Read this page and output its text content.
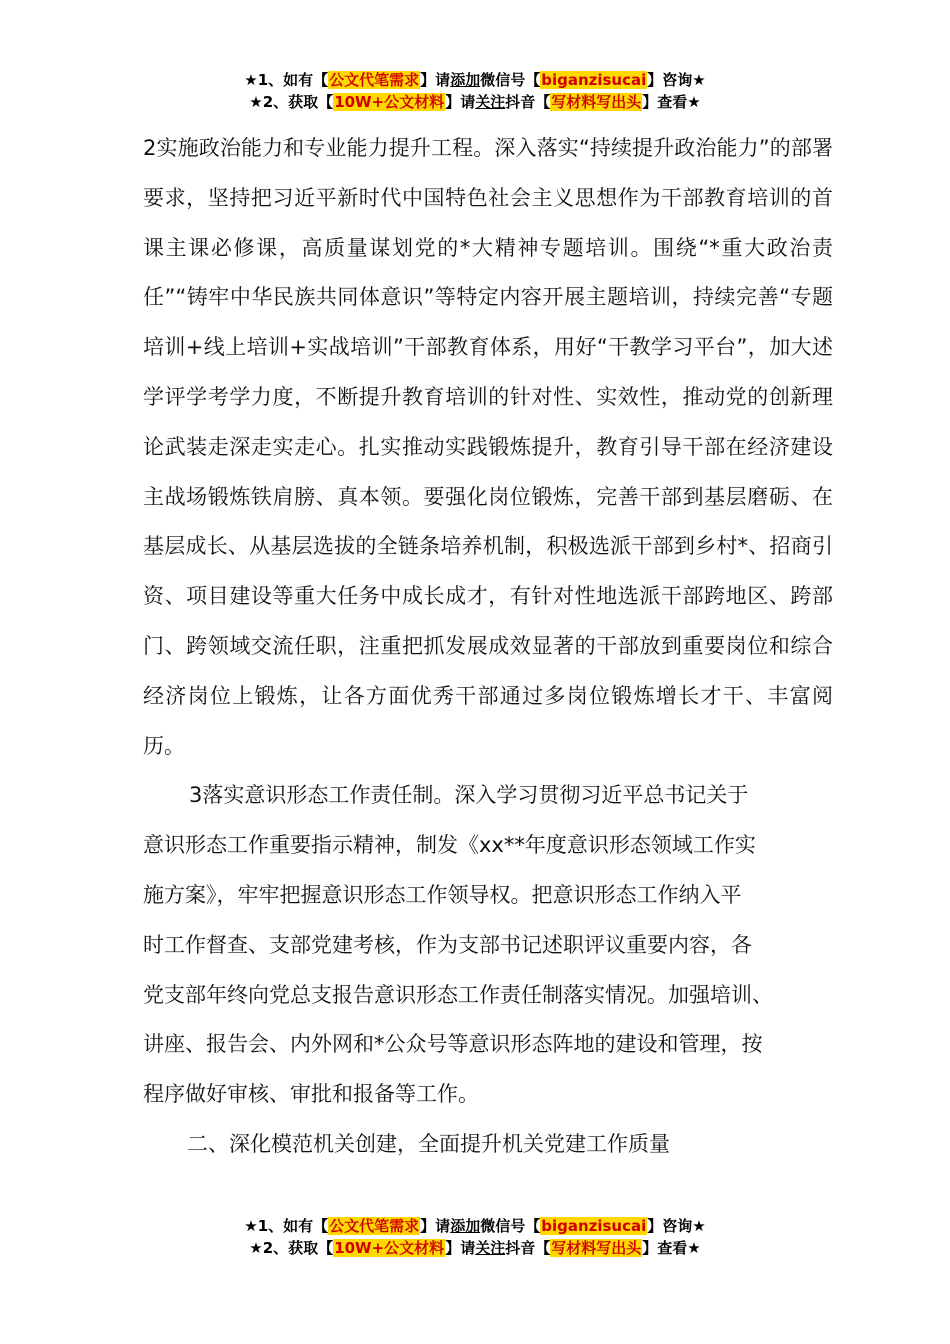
★1、如有【公文代笔需求】请添加微信号【biganzisucai】咨询★
★2、获取【10W+公文材料】请关注抖音【写材料写出头】查看★

2实施政治能力和专业能力提升工程。深入落实“持续提升政治能力”的部署要求，坚持把习近平新时代中国特色社会主义思想作为干部教育培训的首课主课必修课，高质量谋划党的*大精神专题培训。围绕“*重大政治责任”“铸牢中华民族共同体意识”等特定内容开展主题培训，持续完善“专题培训+线上培训+实战培训”干部教育体系，用好“干教学习平台”，加大述学评学考学力度，不断提升教育培训的针对性、实效性，推动党的创新理论武装走深走实走心。扎实推动实践锻炼提升，教育引导干部在经济建设主战场锻炼铁肩膀、真本领。要强化岗位锻炼，完善干部到基层磨砺、在基层成长、从基层选拔的全链条培养机制，积极选派干部到乡村*、招商引资、项目建设等重大任务中成长成才，有针对性地选派干部跨地区、跨部门、跨领域交流任职，注重把抓发展成效显著的干部放到重要岗位和综合经济岗位上锻炼，让各方面优秀干部通过多岗位锻炼增长才干、丰富阅历。

3落实意识形态工作责任制。深入学习贯彻习近平总书记关于
意识形态工作重要指示精神，制发《xx**年度意识形态领域工作实
施方案》，牢牢把握意识形态工作领导权。把意识形态工作纳入平
时工作督查、支部党建考核，作为支部书记述职评议重要内容，各
党支部年终向党总支报告意识形态工作责任制落实情况。加强培训、
讲座、报告会、内外网和*公众号等意识形态阵地的建设和管理，按
程序做好审核、审批和报备等工作。

二、深化模范机关创建，全面提升机关党建工作质量

★1、如有【公文代笔需求】请添加微信号【biganzisucai】咨询★
★2、获取【10W+公文材料】请关注抖音【写材料写出头】查看★
